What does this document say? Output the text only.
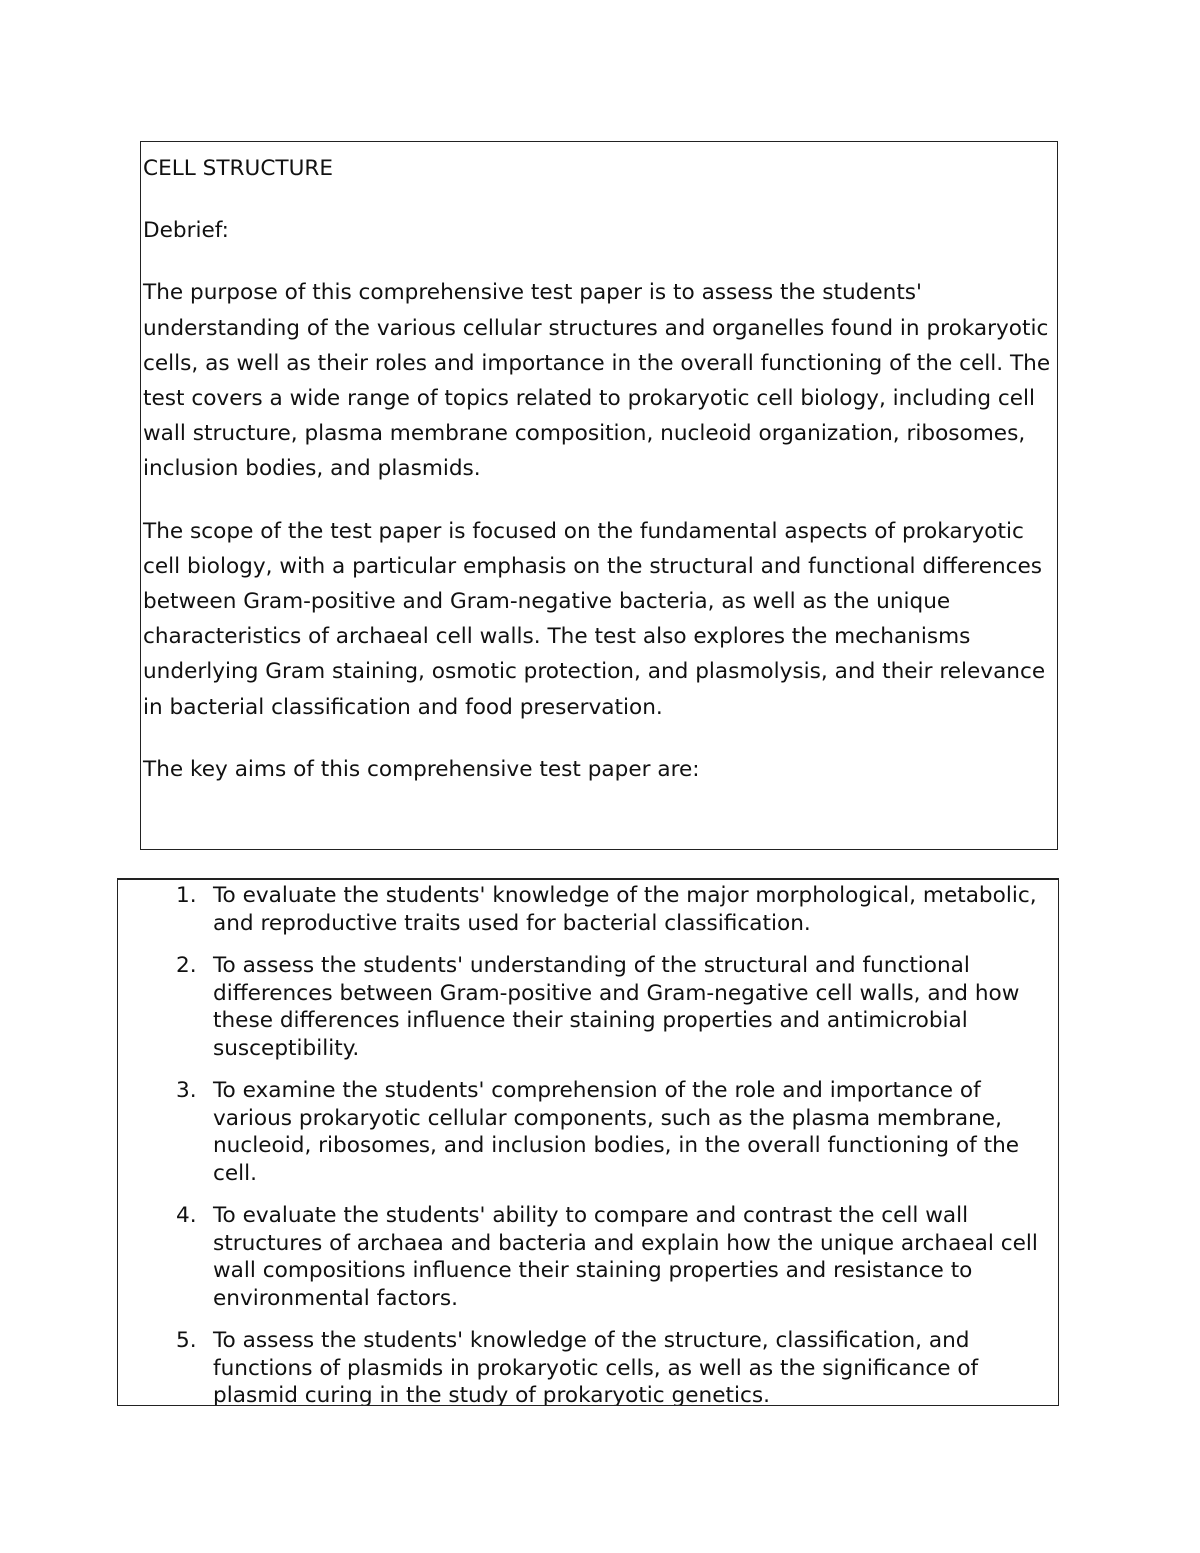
CELL STRUCTURE

Debrief:

The purpose of this comprehensive test paper is to assess the students' understanding of the various cellular structures and organelles found in prokaryotic cells, as well as their roles and importance in the overall functioning of the cell. The test covers a wide range of topics related to prokaryotic cell biology, including cell wall structure, plasma membrane composition, nucleoid organization, ribosomes, inclusion bodies, and plasmids.

The scope of the test paper is focused on the fundamental aspects of prokaryotic cell biology, with a particular emphasis on the structural and functional differences between Gram-positive and Gram-negative bacteria, as well as the unique characteristics of archaeal cell walls. The test also explores the mechanisms underlying Gram staining, osmotic protection, and plasmolysis, and their relevance in bacterial classification and food preservation.

The key aims of this comprehensive test paper are:

1. To evaluate the students' knowledge of the major morphological, metabolic, and reproductive traits used for bacterial classification.
2. To assess the students' understanding of the structural and functional differences between Gram-positive and Gram-negative cell walls, and how these differences influence their staining properties and antimicrobial susceptibility.
3. To examine the students' comprehension of the role and importance of various prokaryotic cellular components, such as the plasma membrane, nucleoid, ribosomes, and inclusion bodies, in the overall functioning of the cell.
4. To evaluate the students' ability to compare and contrast the cell wall structures of archaea and bacteria and explain how the unique archaeal cell wall compositions influence their staining properties and resistance to environmental factors.
5. To assess the students' knowledge of the structure, classification, and functions of plasmids in prokaryotic cells, as well as the significance of plasmid curing in the study of prokaryotic genetics.
